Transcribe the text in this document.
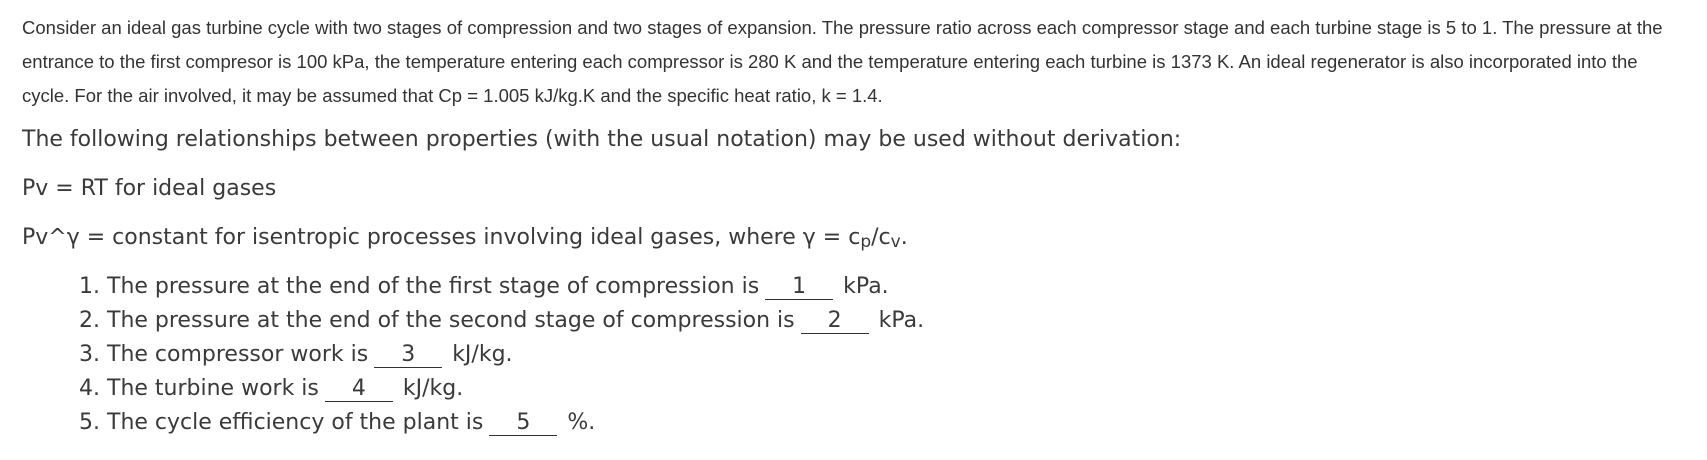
Consider an ideal gas turbine cycle with two stages of compression and two stages of expansion. The pressure ratio across each compressor stage and each turbine stage is 5 to 1. The pressure at the entrance to the first compresor is 100 kPa, the temperature entering each compressor is 280 K and the temperature entering each turbine is 1373 K. An ideal regenerator is also incorporated into the cycle. For the air involved, it may be assumed that Cp = 1.005 kJ/kg.K and the specific heat ratio, k = 1.4.

The following relationships between properties (with the usual notation) may be used without derivation:

Pv = RT for ideal gases

Pv^γ = constant for isentropic processes involving ideal gases, where $\gamma = c_p/c_v$.

1. The pressure at the end of the first stage of compression is 1 kPa.
2. The pressure at the end of the second stage of compression is 2 kPa.
3. The compressor work is 3 kJ/kg.
4. The turbine work is 4 kJ/kg.
5. The cycle efficiency of the plant is 5 %.
